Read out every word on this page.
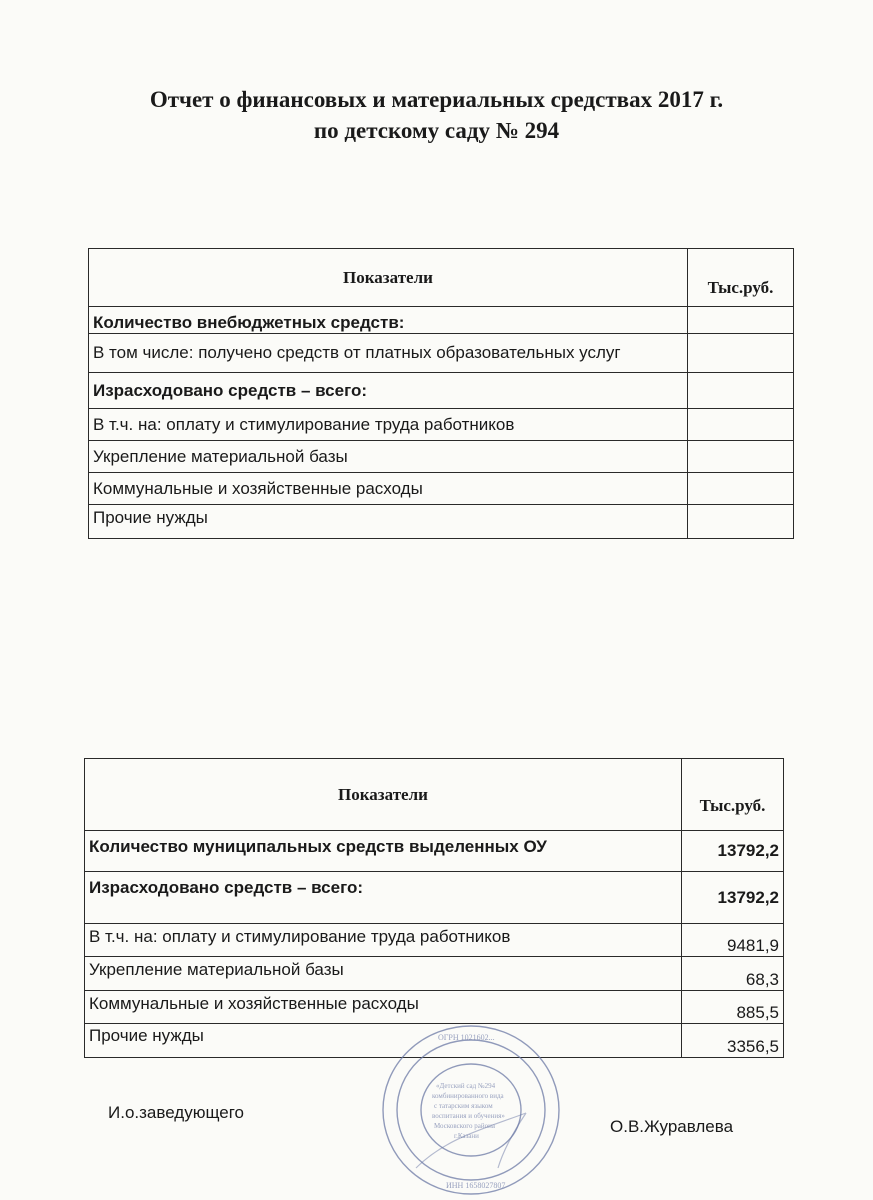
Отчет о финансовых и материальных средствах 2017 г.
по детскому саду № 294
Показатели	Тыс.руб.
Количество внебюджетных средств:	
В том числе: получено средств от платных образовательных услуг	
Израсходовано средств – всего:	
В т.ч. на: оплату и стимулирование труда работников	
Укрепление материальной базы	
Коммунальные и хозяйственные расходы	
Прочие нужды	
Показатели	Тыс.руб.
Количество муниципальных средств выделенных ОУ	13792,2
Израсходовано средств – всего:	13792,2
В т.ч. на: оплату и стимулирование труда работников	9481,9
Укрепление материальной базы	68,3
Коммунальные и хозяйственные расходы	885,5
Прочие нужды	3356,5
И.о.заведующего
О.В.Журавлева
ОГРН 1021602...
ИНН 1658027807
«Детский сад №294
комбинированного вида
с татарским языком
воспитания и обучения»
Московского района
г.Казани
